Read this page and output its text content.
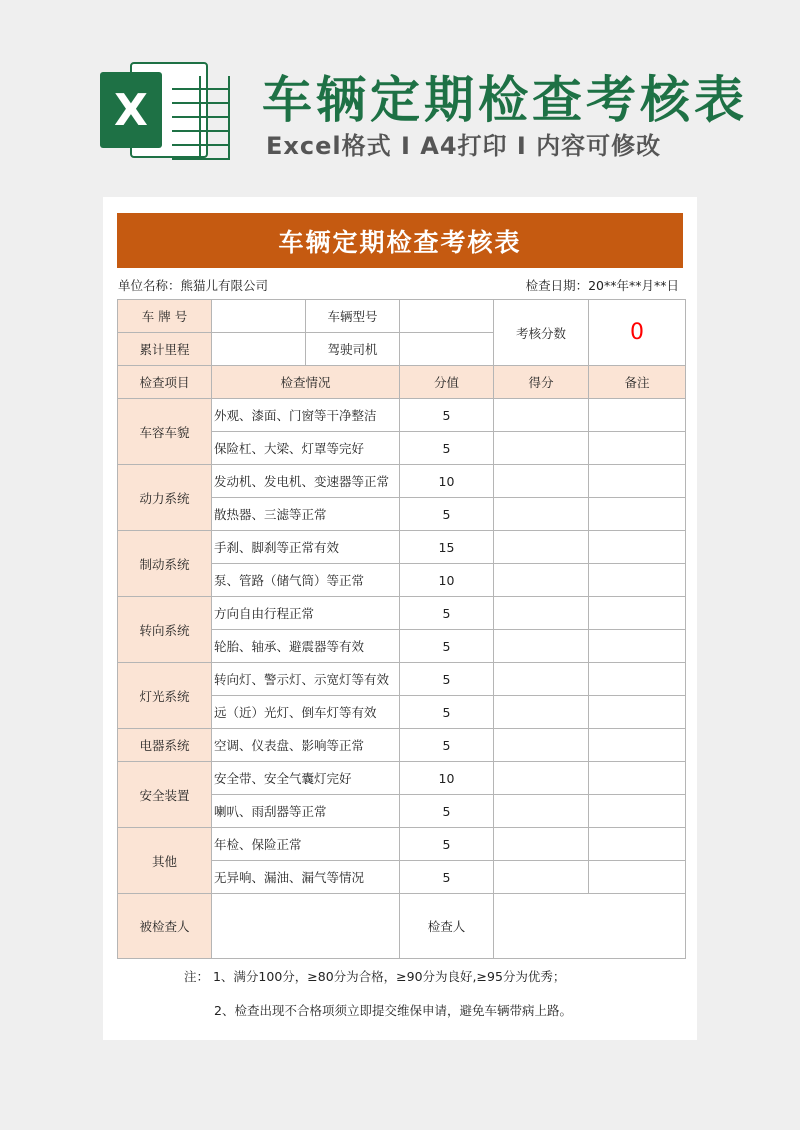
X 车辆定期检查考核表
Excel格式 I A4打印 I 内容可修改
车辆定期检查考核表
单位名称：熊猫儿有限公司	检查日期：20**年**月**日
车 牌 号		车辆型号		考核分数	0
累计里程		驾驶司机			
检查项目	检查情况		分值	得分	备注
车容车貌	外观、漆面、门窗等干净整洁		5		
	保险杠、大梁、灯罩等完好		5		
动力系统	发动机、发电机、变速器等正常		10		
	散热器、三滤等正常		5		
制动系统	手刹、脚刹等正常有效		15		
	泵、管路（储气筒）等正常		10		
转向系统	方向自由行程正常		5		
	轮胎、轴承、避震器等有效		5		
灯光系统	转向灯、警示灯、示宽灯等有效		5		
	远（近）光灯、倒车灯等有效		5		
电器系统	空调、仪表盘、影响等正常		5		
安全装置	安全带、安全气囊灯完好		10		
	喇叭、雨刮器等正常		5		
其他	年检、保险正常		5		
	无异响、漏油、漏气等情况		5		
被检查人			检查人		
注： 1、满分100分，≥80分为合格，≥90分为良好,≥95分为优秀；
2、检查出现不合格项须立即提交维保申请，避免车辆带病上路。
